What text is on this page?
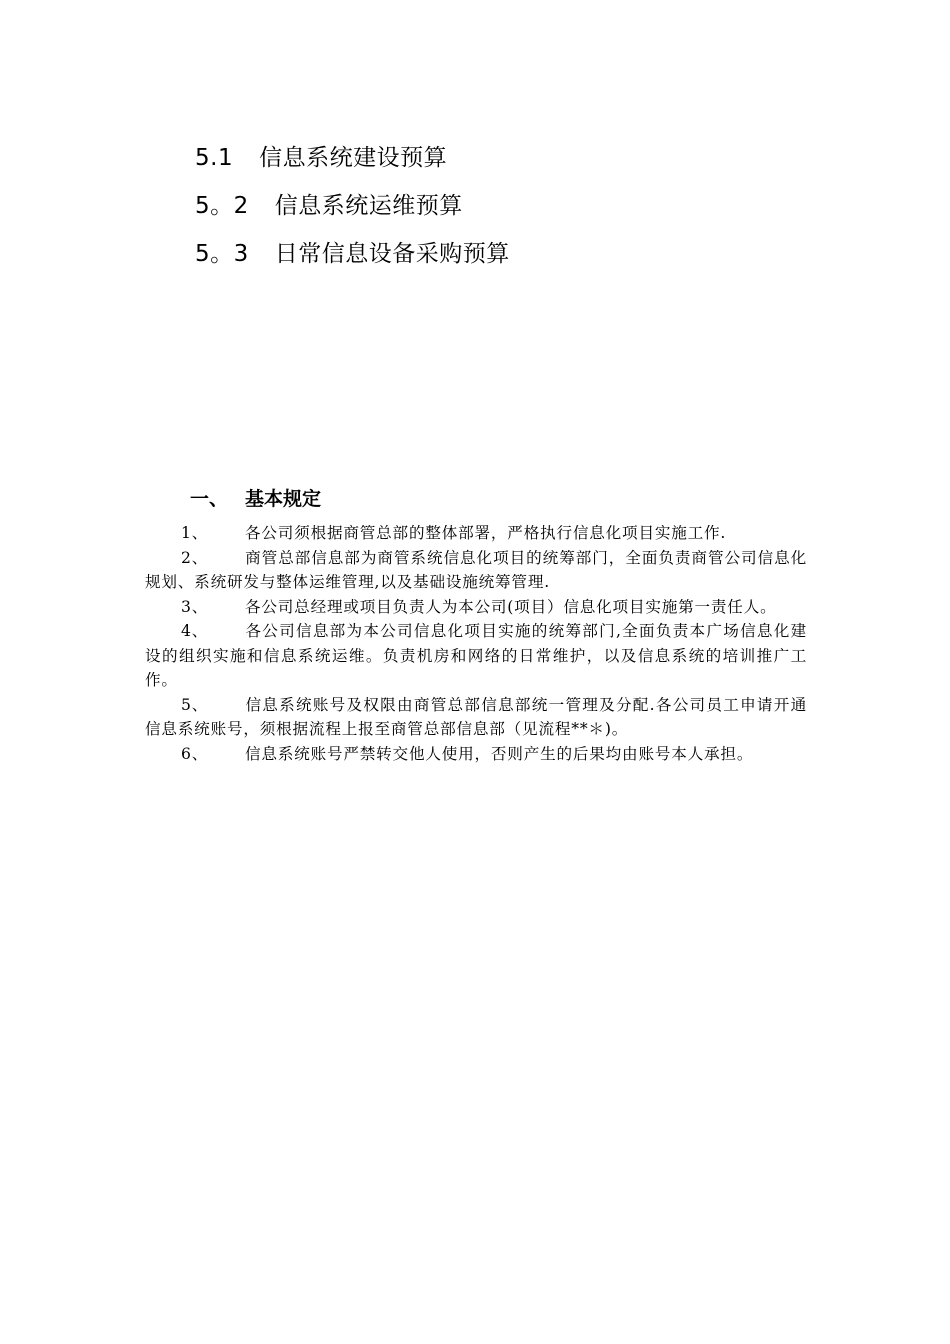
5.1 信息系统建设预算
5。2 信息系统运维预算
5。3 日常信息设备采购预算
一、 基本规定

1、 各公司须根据商管总部的整体部署，严格执行信息化项目实施工作.

2、 商管总部信息部为商管系统信息化项目的统筹部门，全面负责商管公司信息化规划、系统研发与整体运维管理,以及基础设施统筹管理.

3、 各公司总经理或项目负责人为本公司(项目）信息化项目实施第一责任人。

4、 各公司信息部为本公司信息化项目实施的统筹部门,全面负责本广场信息化建设的组织实施和信息系统运维。负责机房和网络的日常维护，以及信息系统的培训推广工作。

5、 信息系统账号及权限由商管总部信息部统一管理及分配.各公司员工申请开通信息系统账号，须根据流程上报至商管总部信息部（见流程**＊)。

6、 信息系统账号严禁转交他人使用，否则产生的后果均由账号本人承担。
